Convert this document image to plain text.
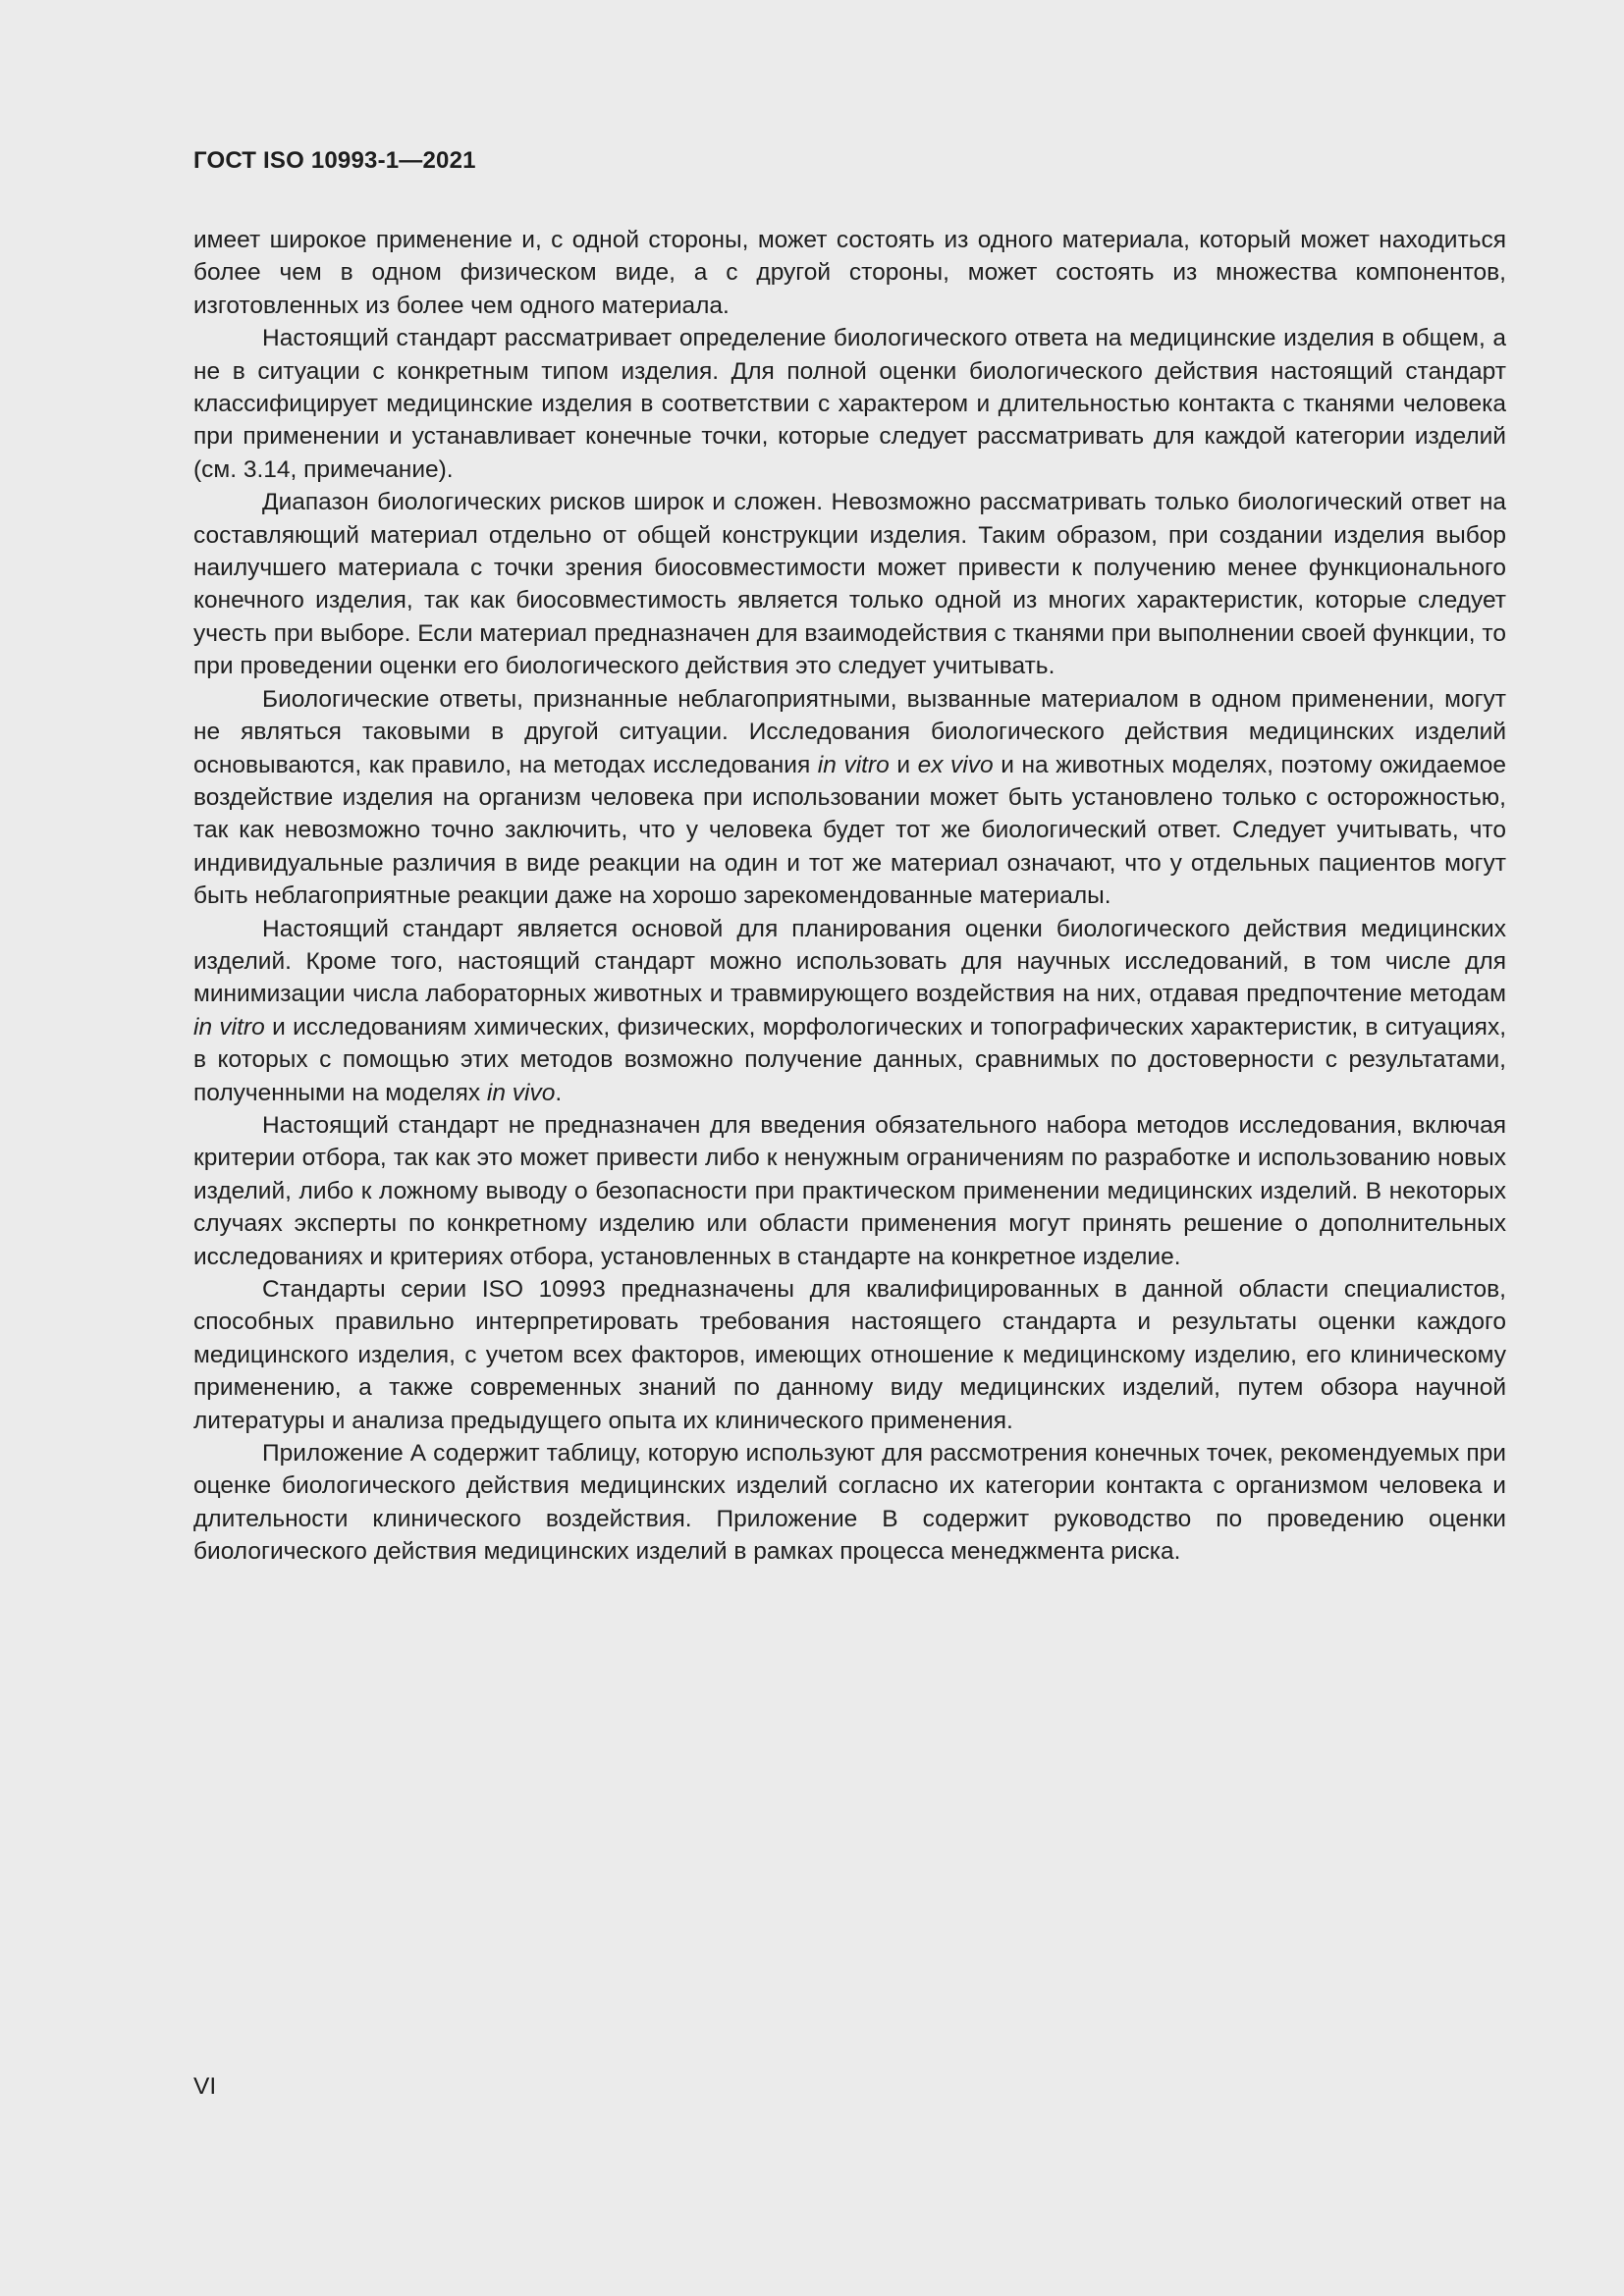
ГОСТ ISO 10993-1—2021

имеет широкое применение и, с одной стороны, может состоять из одного материала, который может находиться более чем в одном физическом виде, а с другой стороны, может состоять из множества компонентов, изготовленных из более чем одного материала.

Настоящий стандарт рассматривает определение биологического ответа на медицинские изделия в общем, а не в ситуации с конкретным типом изделия. Для полной оценки биологического действия настоящий стандарт классифицирует медицинские изделия в соответствии с характером и длительностью контакта с тканями человека при применении и устанавливает конечные точки, которые следует рассматривать для каждой категории изделий (см. 3.14, примечание).

Диапазон биологических рисков широк и сложен. Невозможно рассматривать только биологический ответ на составляющий материал отдельно от общей конструкции изделия. Таким образом, при создании изделия выбор наилучшего материала с точки зрения биосовместимости может привести к получению менее функционального конечного изделия, так как биосовместимость является только одной из многих характеристик, которые следует учесть при выборе. Если материал предназначен для взаимодействия с тканями при выполнении своей функции, то при проведении оценки его биологического действия это следует учитывать.

Биологические ответы, признанные неблагоприятными, вызванные материалом в одном применении, могут не являться таковыми в другой ситуации. Исследования биологического действия медицинских изделий основываются, как правило, на методах исследования in vitro и ex vivo и на животных моделях, поэтому ожидаемое воздействие изделия на организм человека при использовании может быть установлено только с осторожностью, так как невозможно точно заключить, что у человека будет тот же биологический ответ. Следует учитывать, что индивидуальные различия в виде реакции на один и тот же материал означают, что у отдельных пациентов могут быть неблагоприятные реакции даже на хорошо зарекомендованные материалы.

Настоящий стандарт является основой для планирования оценки биологического действия медицинских изделий. Кроме того, настоящий стандарт можно использовать для научных исследований, в том числе для минимизации числа лабораторных животных и травмирующего воздействия на них, отдавая предпочтение методам in vitro и исследованиям химических, физических, морфологических и топографических характеристик, в ситуациях, в которых с помощью этих методов возможно получение данных, сравнимых по достоверности с результатами, полученными на моделях in vivo.

Настоящий стандарт не предназначен для введения обязательного набора методов исследования, включая критерии отбора, так как это может привести либо к ненужным ограничениям по разработке и использованию новых изделий, либо к ложному выводу о безопасности при практическом применении медицинских изделий. В некоторых случаях эксперты по конкретному изделию или области применения могут принять решение о дополнительных исследованиях и критериях отбора, установленных в стандарте на конкретное изделие.

Стандарты серии ISO 10993 предназначены для квалифицированных в данной области специалистов, способных правильно интерпретировать требования настоящего стандарта и результаты оценки каждого медицинского изделия, с учетом всех факторов, имеющих отношение к медицинскому изделию, его клиническому применению, а также современных знаний по данному виду медицинских изделий, путем обзора научной литературы и анализа предыдущего опыта их клинического применения.

Приложение А содержит таблицу, которую используют для рассмотрения конечных точек, рекомендуемых при оценке биологического действия медицинских изделий согласно их категории контакта с организмом человека и длительности клинического воздействия. Приложение В содержит руководство по проведению оценки биологического действия медицинских изделий в рамках процесса менеджмента риска.

VI
